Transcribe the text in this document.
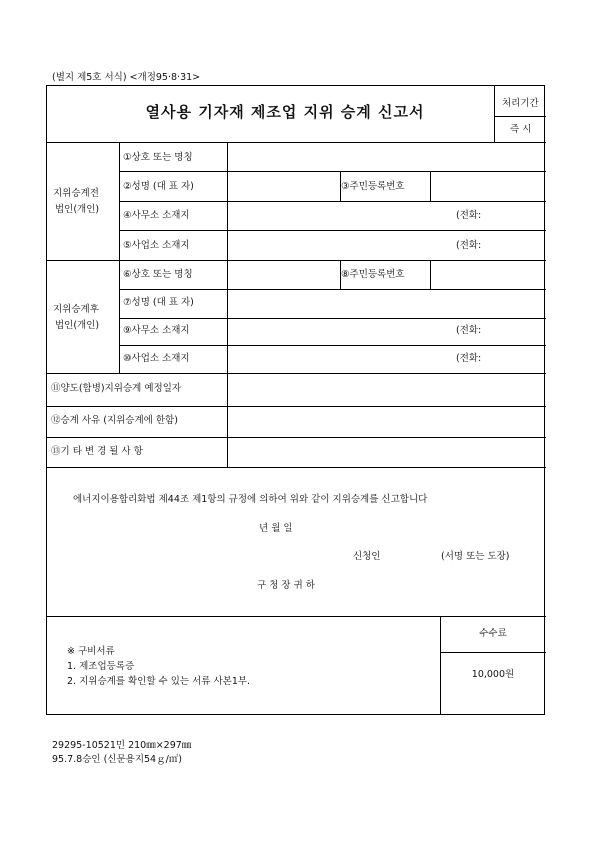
(별지 제5호 서식) <개정95·8·31>
열사용 기자재 제조업 지위 승계 신고서	처리기간
즉 시
지위승계전
법인(개인)
①상호 또는 명칭
②성명 (대 표 자)	③주민등록번호
④사무소 소재지	(전화:
⑤사업소 소재지	(전화:
지위승계후
법인(개인)
⑥상호 또는 명칭	⑧주민등록번호
⑦성명 (대 표 자)
⑨사무소 소재지	(전화:
⑩사업소 소재지	(전화:
⑪양도(합병)지위승계 예정일자
⑫승계 사유 (지위승계에 한함)
⑬기 타 변 경 될 사 항
에너지이용합리화법 제44조 제1항의 규정에 의하여 위와 같이 지위승계를 신고합니다
년 월 일
신청인	(서명 또는 도장)
구 청 장 귀 하
※ 구비서류
1. 제조업등록증
2. 지위승계를 확인할 수 있는 서류 사본1부.
수수료
10,000원
29295-10521민 210㎜×297㎜
95.7.8승인 (신문용지54ｇ/㎡)
